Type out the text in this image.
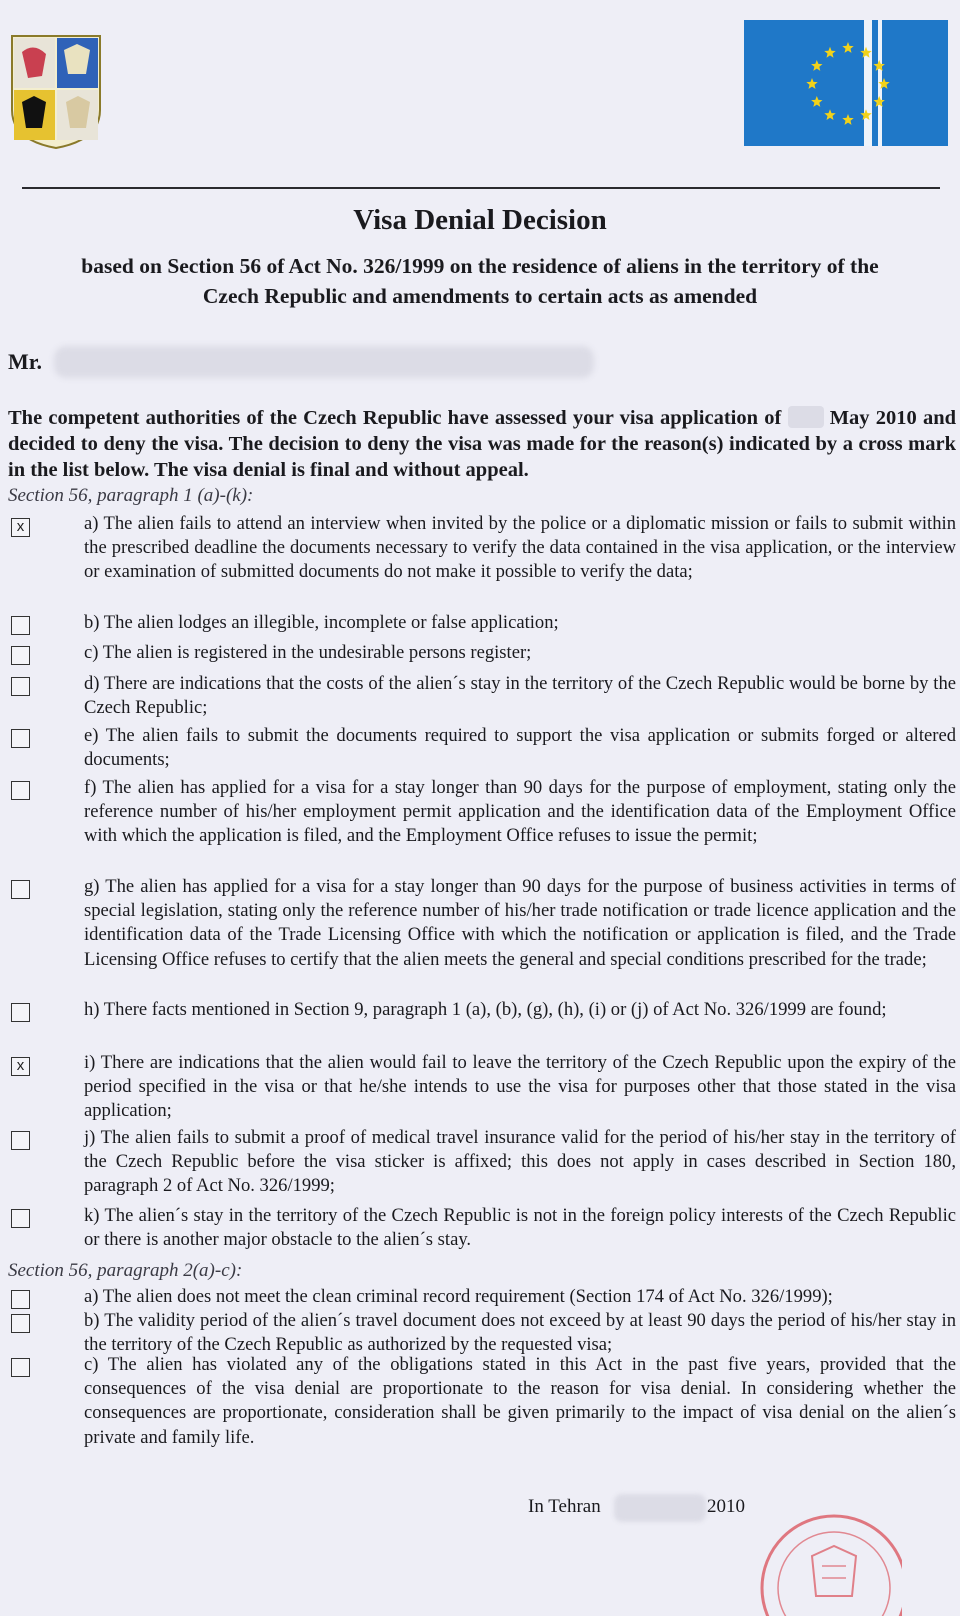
Visa Denial Decision
based on Section 56 of Act No. 326/1999 on the residence of aliens in the territory of the
Czech Republic and amendments to certain acts as amended
Mr.
The competent authorities of the Czech Republic have assessed your visa application of May 2010 and decided to deny the visa. The decision to deny the visa was made for the reason(s) indicated by a cross mark in the list below. The visa denial is final and without appeal.
Section 56, paragraph 1 (a)-(k):
x	a) The alien fails to attend an interview when invited by the police or a diplomatic mission or fails to submit within the prescribed deadline the documents necessary to verify the data contained in the visa application, or the interview or examination of submitted documents do not make it possible to verify the data;
b) The alien lodges an illegible, incomplete or false application;
c) The alien is registered in the undesirable persons register;
d) There are indications that the costs of the alien´s stay in the territory of the Czech Republic would be borne by the Czech Republic;
e) The alien fails to submit the documents required to support the visa application or submits forged or altered documents;
f) The alien has applied for a visa for a stay longer than 90 days for the purpose of employment, stating only the reference number of his/her employment permit application and the identification data of the Employment Office with which the application is filed, and the Employment Office refuses to issue the permit;
g) The alien has applied for a visa for a stay longer than 90 days for the purpose of business activities in terms of special legislation, stating only the reference number of his/her trade notification or trade licence application and the identification data of the Trade Licensing Office with which the notification or application is filed, and the Trade Licensing Office refuses to certify that the alien meets the general and special conditions prescribed for the trade;
h) There facts mentioned in Section 9, paragraph 1 (a), (b), (g), (h), (i) or (j) of Act No. 326/1999 are found;
x	i) There are indications that the alien would fail to leave the territory of the Czech Republic upon the expiry of the period specified in the visa or that he/she intends to use the visa for purposes other that those stated in the visa application;
j) The alien fails to submit a proof of medical travel insurance valid for the period of his/her stay in the territory of the Czech Republic before the visa sticker is affixed; this does not apply in cases described in Section 180, paragraph 2 of Act No. 326/1999;
k) The alien´s stay in the territory of the Czech Republic is not in the foreign policy interests of the Czech Republic or there is another major obstacle to the alien´s stay.
Section 56, paragraph 2(a)-c):
a) The alien does not meet the clean criminal record requirement (Section 174 of Act No. 326/1999);
b) The validity period of the alien´s travel document does not exceed by at least 90 days the period of his/her stay in the territory of the Czech Republic as authorized by the requested visa;
c) The alien has violated any of the obligations stated in this Act in the past five years, provided that the consequences of the visa denial are proportionate to the reason for visa denial. In considering whether the consequences are proportionate, consideration shall be given primarily to the impact of visa denial on the alien´s private and family life.
In Tehran	2010
